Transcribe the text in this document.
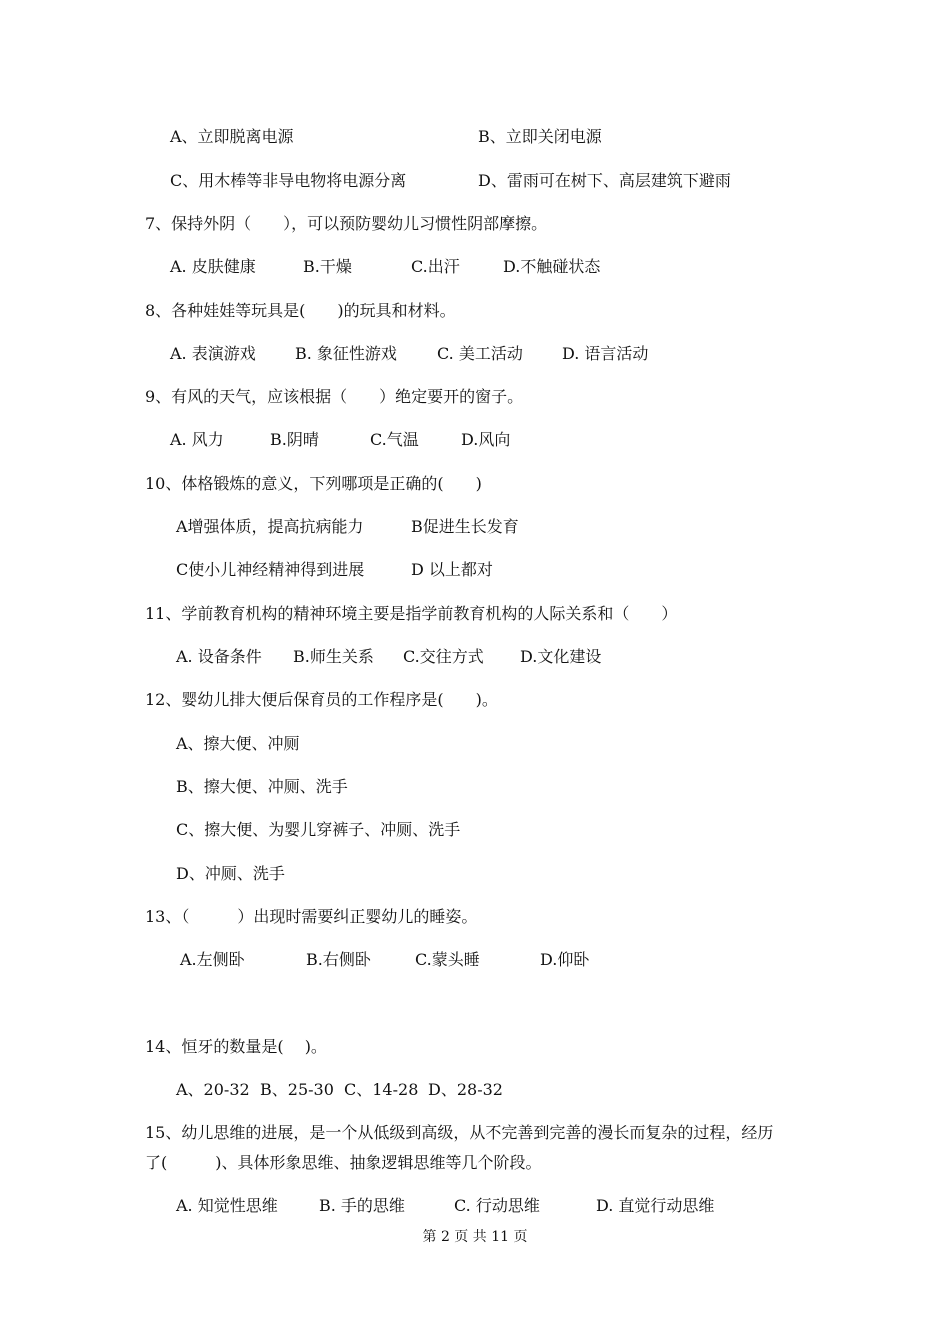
A、立即脱离电源	B、立即关闭电源
C、用木棒等非导电物将电源分离	D、雷雨可在树下、高层建筑下避雨
7、保持外阴（　　），可以预防婴幼儿习惯性阴部摩擦。
A. 皮肤健康	B.干燥	C.出汗	D.不触碰状态
8、各种娃娃等玩具是(　　)的玩具和材料。
A. 表演游戏 B. 象征性游戏	C. 美工活动 D. 语言活动
9、有风的天气，应该根据（　　）绝定要开的窗子。
A. 风力	B.阴晴	C.气温	D.风向
10、体格锻炼的意义，下列哪项是正确的(　　)
A增强体质，提高抗病能力	B促进生长发育
C使小儿神经精神得到进展	D 以上都对
11、学前教育机构的精神环境主要是指学前教育机构的人际关系和（　　）
A. 设备条件 B.师生关系 C.交往方式 D.文化建设
12、婴幼儿排大便后保育员的工作程序是(　　)。
A、擦大便、冲厕
B、擦大便、冲厕、洗手
C、擦大便、为婴儿穿裤子、冲厕、洗手
D、冲厕、洗手
13、（　　　）出现时需要纠正婴幼儿的睡姿。
A.左侧卧	B.右侧卧	C.蒙头睡	D.仰卧
14、恒牙的数量是(　 )。
A、20-32 B、25-30 C、14-28 D、28-32
15、幼儿思维的进展，是一个从低级到高级，从不完善到完善的漫长而复杂的过程，经历
了(　　　)、具体形象思维、抽象逻辑思维等几个阶段。
A. 知觉性思维	B. 手的思维	C. 行动思维	D. 直觉行动思维
第 2 页 共 11 页
